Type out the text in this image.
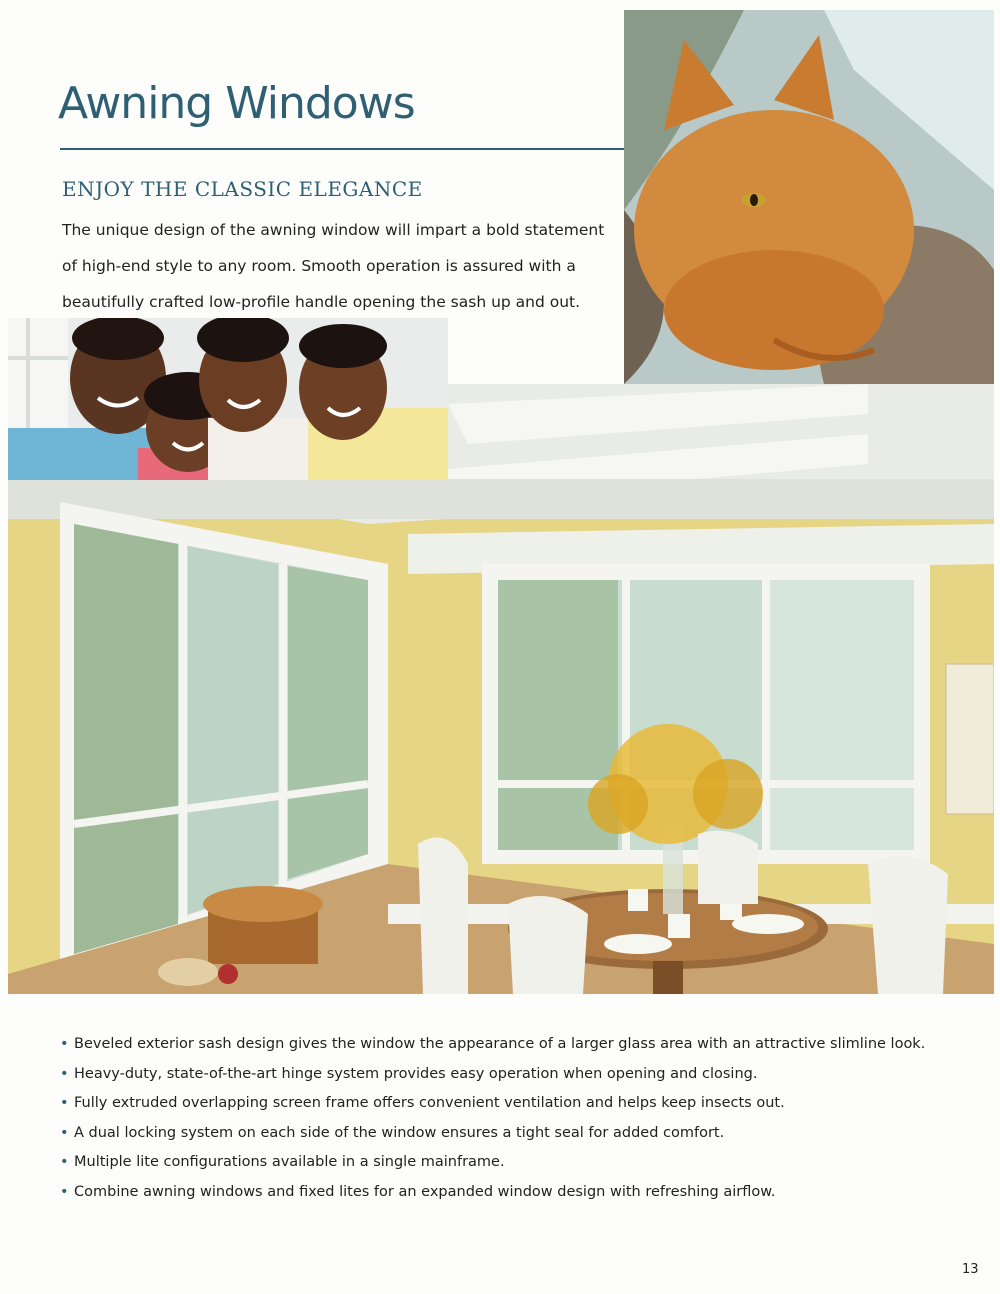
Awning Windows
ENJOY THE CLASSIC ELEGANCE

The unique design of the awning window will impart a bold statement of high-end style to any room. Smooth operation is assured with a beautifully crafted low-profile handle opening the sash up and out.

• Beveled exterior sash design gives the window the appearance of a larger glass area with an attractive slimline look.
• Heavy-duty, state-of-the-art hinge system provides easy operation when opening and closing.
• Fully extruded overlapping screen frame offers convenient ventilation and helps keep insects out.
• A dual locking system on each side of the window ensures a tight seal for added comfort.
• Multiple lite configurations available in a single mainframe.
• Combine awning windows and fixed lites for an expanded window design with refreshing airflow.
13
